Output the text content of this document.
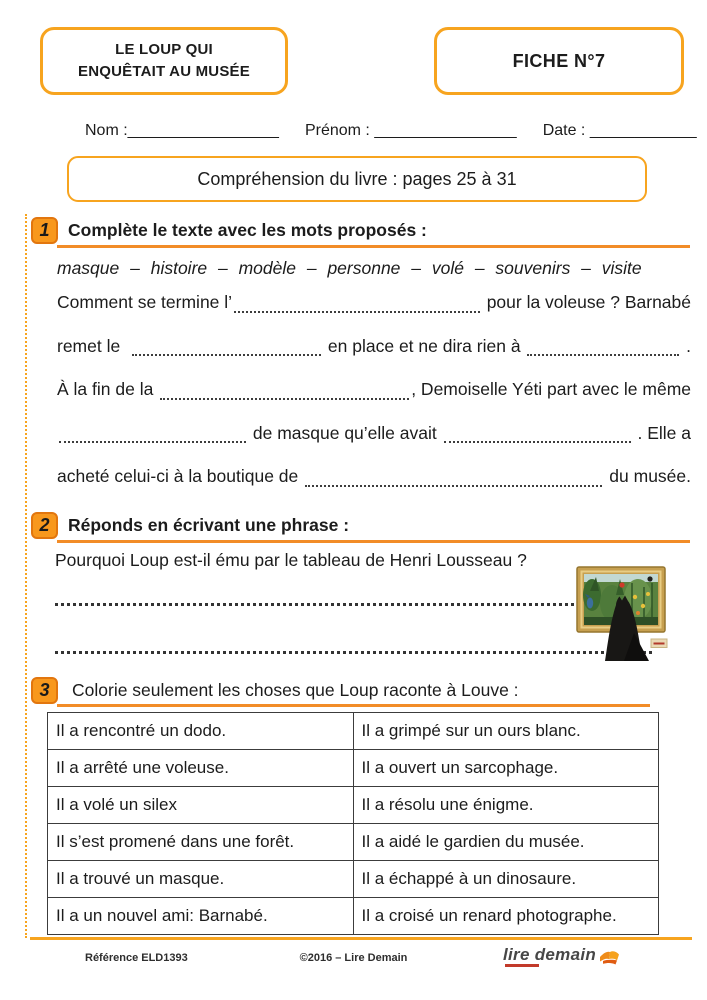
LE LOUP QUI
ENQUÊTAIT AU MUSÉE
FICHE N°7
Nom :_________________ Prénom : ________________ Date : ____________
Compréhension du livre : pages 25 à 31
1 Complète le texte avec les mots proposés :
masque – histoire – modèle – personne – volé – souvenirs – visite
Comment se termine l’	pour la voleuse ? Barnabé
remet le	en place et ne dira rien à	.
À la fin de la	, Demoiselle Yéti part avec le même
de masque qu’elle avait	. Elle a
acheté celui-ci à la boutique de	du musée.
2 Réponds en écrivant une phrase :
Pourquoi Loup est-il ému par le tableau de Henri Lousseau ?
3 Colorie seulement les choses que Loup raconte à Louve :
Il a rencontré un dodo.	Il a grimpé sur un ours blanc.
Il a arrêté une voleuse.	Il a ouvert un sarcophage.
Il a volé un silex	Il a résolu une énigme.
Il s’est promené dans une forêt.	Il a aidé le gardien du musée.
Il a trouvé un masque.	Il a échappé à un dinosaure.
Il a un nouvel ami: Barnabé.	Il a croisé un renard photographe.
Référence ELD1393	©2016 – Lire Demain	lire demain
